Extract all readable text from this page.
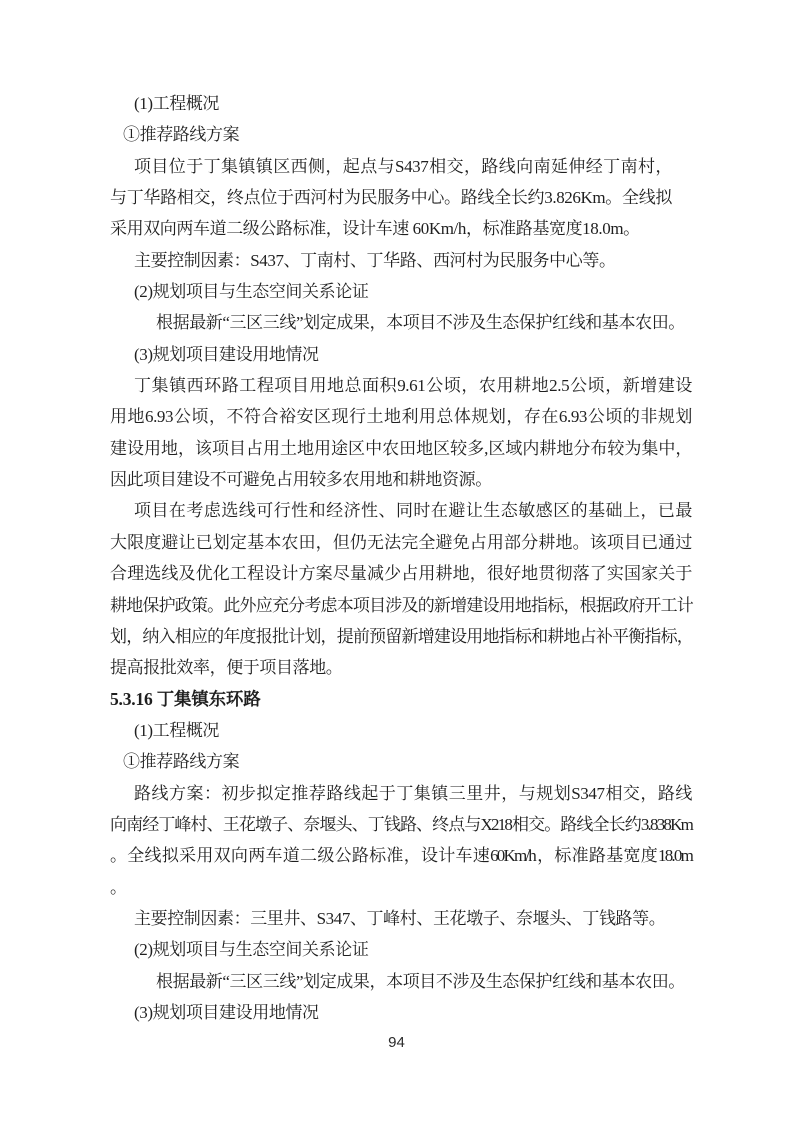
(1)工程概况
①推荐路线方案
项目位于丁集镇镇区西侧，起点与S437相交，路线向南延伸经丁南村，
与丁华路相交，终点位于西河村为民服务中心。路线全长约3.826Km。全线拟
采用双向两车道二级公路标准，设计车速 60Km/h，标准路基宽度18.0m。
主要控制因素：S437、丁南村、丁华路、西河村为民服务中心等。
(2)规划项目与生态空间关系论证
根据最新“三区三线”划定成果，本项目不涉及生态保护红线和基本农田。
(3)规划项目建设用地情况
丁集镇西环路工程项目用地总面积9.61公顷，农用耕地2.5公顷，新增建设
用地6.93公顷，不符合裕安区现行土地利用总体规划，存在6.93公顷的非规划
建设用地，该项目占用土地用途区中农田地区较多,区域内耕地分布较为集中，
因此项目建设不可避免占用较多农用地和耕地资源。
项目在考虑选线可行性和经济性、同时在避让生态敏感区的基础上，已最
大限度避让已划定基本农田，但仍无法完全避免占用部分耕地。该项目已通过
合理选线及优化工程设计方案尽量减少占用耕地，很好地贯彻落了实国家关于
耕地保护政策。此外应充分考虑本项目涉及的新增建设用地指标，根据政府开工计
划，纳入相应的年度报批计划，提前预留新增建设用地指标和耕地占补平衡指标，
提高报批效率，便于项目落地。
5.3.16 丁集镇东环路
(1)工程概况
①推荐路线方案
路线方案：初步拟定推荐路线起于丁集镇三里井，与规划S347相交，路线
向南经丁峰村、王花墩子、奈堰头、丁钱路、终点与X218相交。路线全长约3.838Km
。全线拟采用双向两车道二级公路标准，设计车速60Km/h，标准路基宽度18.0m
。
主要控制因素：三里井、S347、丁峰村、王花墩子、奈堰头、丁钱路等。
(2)规划项目与生态空间关系论证
根据最新“三区三线”划定成果，本项目不涉及生态保护红线和基本农田。
(3)规划项目建设用地情况
94
